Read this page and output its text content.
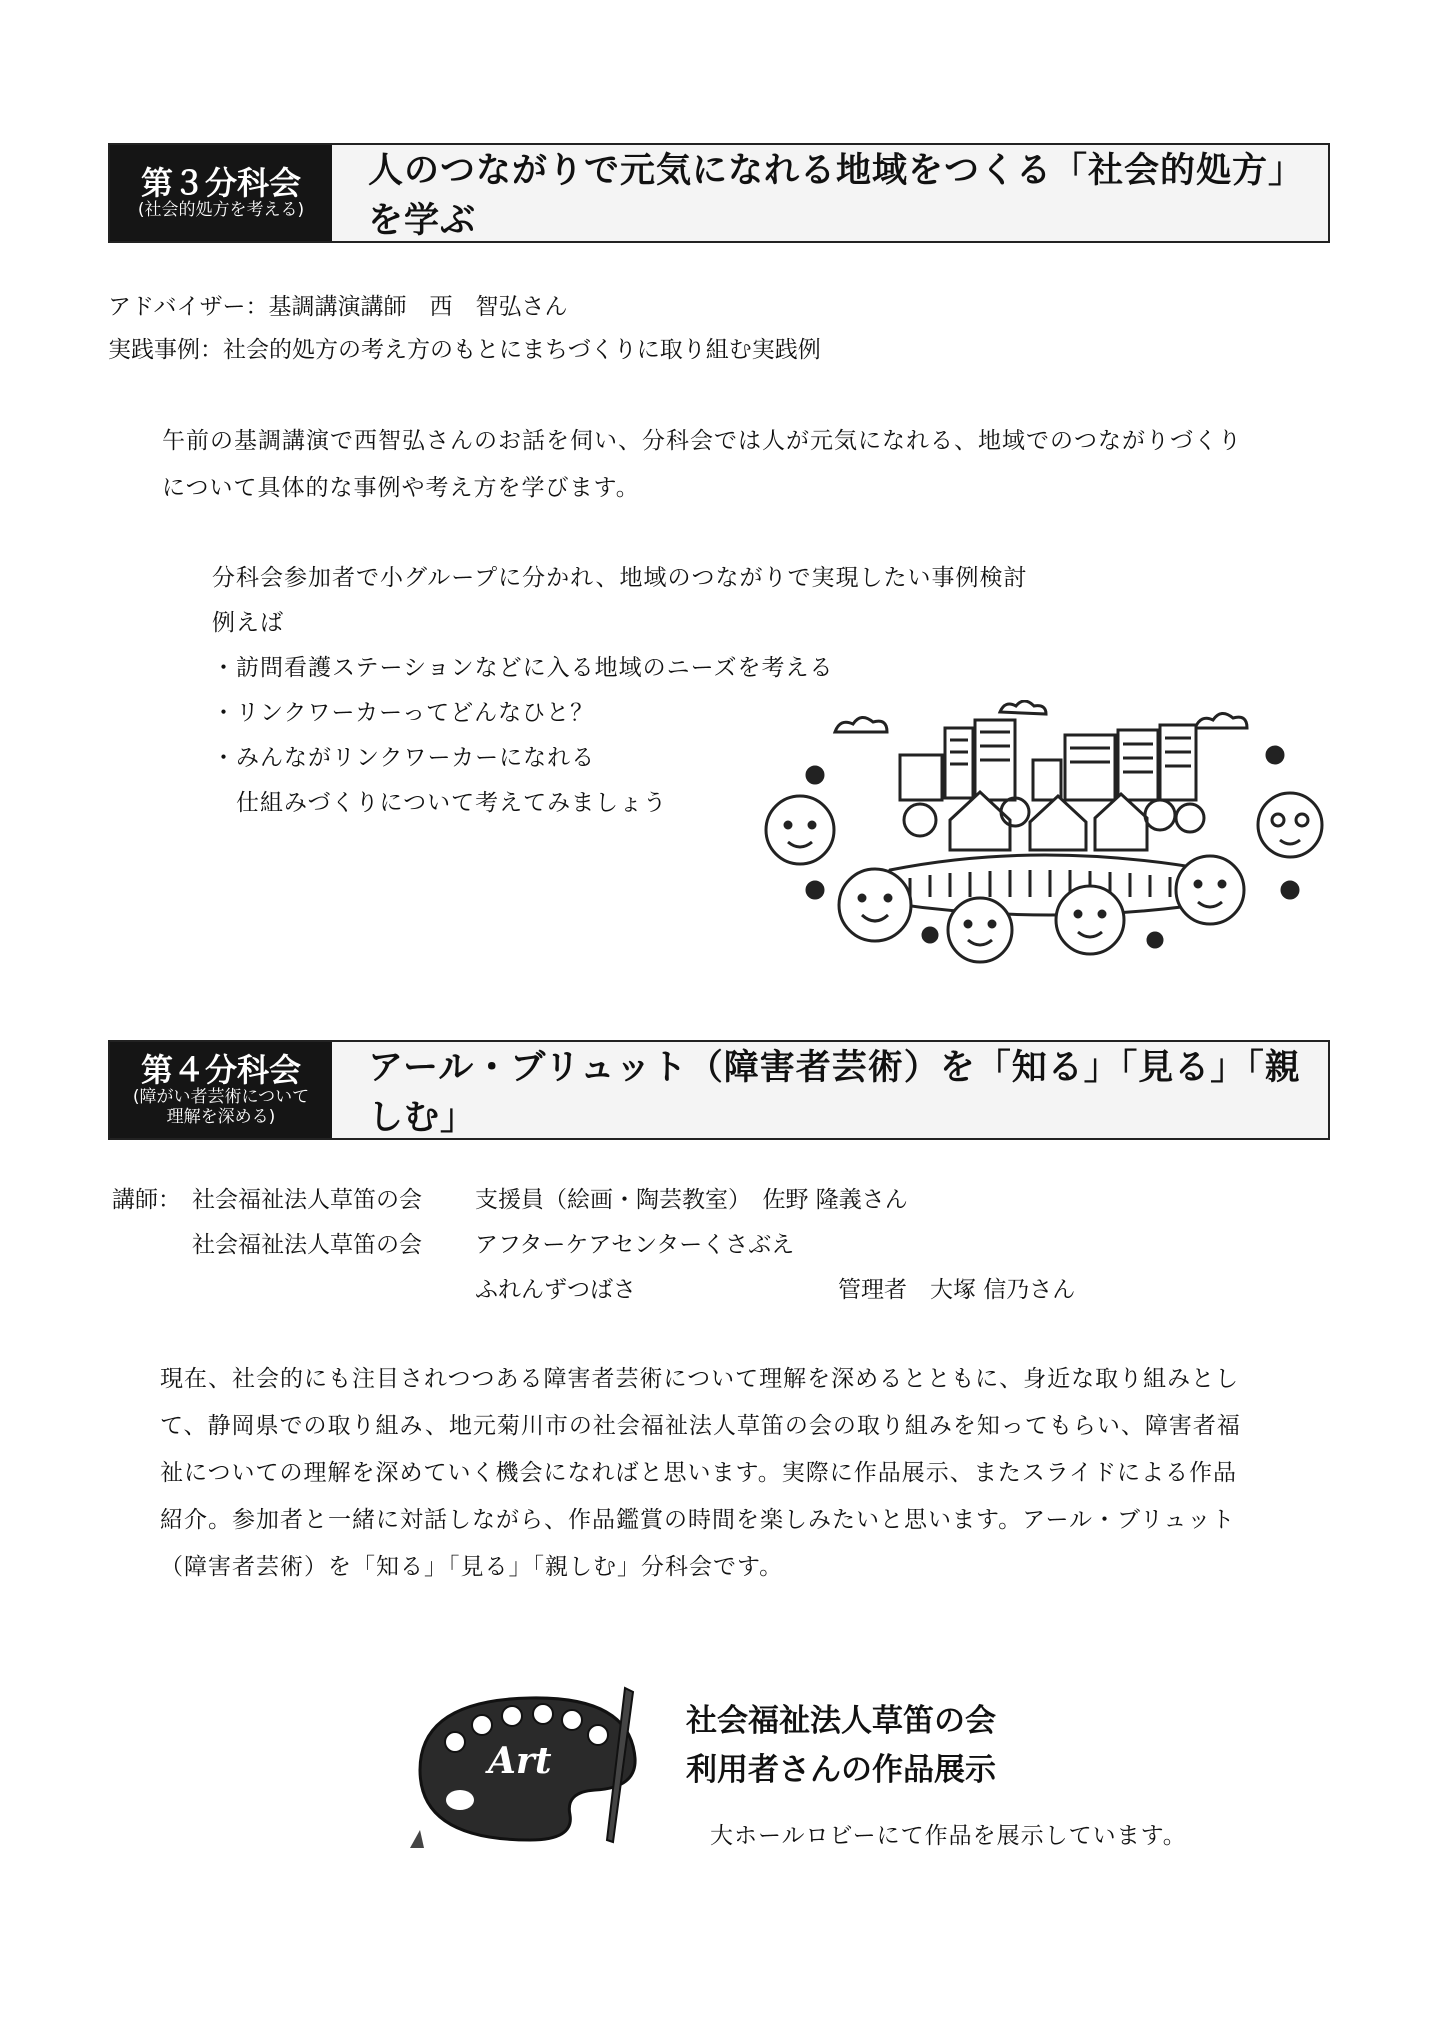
第３分科会
(社会的処方を考える)
人のつながりで元気になれる地域をつくる「社会的処方」を学ぶ
アドバイザー：基調講演講師　西　智弘さん
実践事例：社会的処方の考え方のもとにまちづくりに取り組む実践例
午前の基調講演で西智弘さんのお話を伺い、分科会では人が元気になれる、地域でのつながりづくり
について具体的な事例や考え方を学びます。
分科会参加者で小グループに分かれ、地域のつながりで実現したい事例検討
例えば
・訪問看護ステーションなどに入る地域のニーズを考える
・リンクワーカーってどんなひと？
・みんながリンクワーカーになれる
　仕組みづくりについて考えてみましょう
第４分科会
(障がい者芸術について
理解を深める)
アール・ブリュット（障害者芸術）を「知る」「見る」「親しむ」
講師： 社会福祉法人草笛の会 支援員（絵画・陶芸教室）　佐野 隆義さん
社会福祉法人草笛の会 アフターケアセンターくさぶえ
ふれんずつばさ	管理者　大塚 信乃さん
現在、社会的にも注目されつつある障害者芸術について理解を深めるとともに、身近な取り組みとし
て、静岡県での取り組み、地元菊川市の社会福祉法人草笛の会の取り組みを知ってもらい、障害者福
祉についての理解を深めていく機会になればと思います。実際に作品展示、またスライドによる作品
紹介。参加者と一緒に対話しながら、作品鑑賞の時間を楽しみたいと思います。アール・ブリュット
（障害者芸術）を「知る」「見る」「親しむ」分科会です。
Art
社会福祉法人草笛の会
利用者さんの作品展示
大ホールロビーにて作品を展示しています。
